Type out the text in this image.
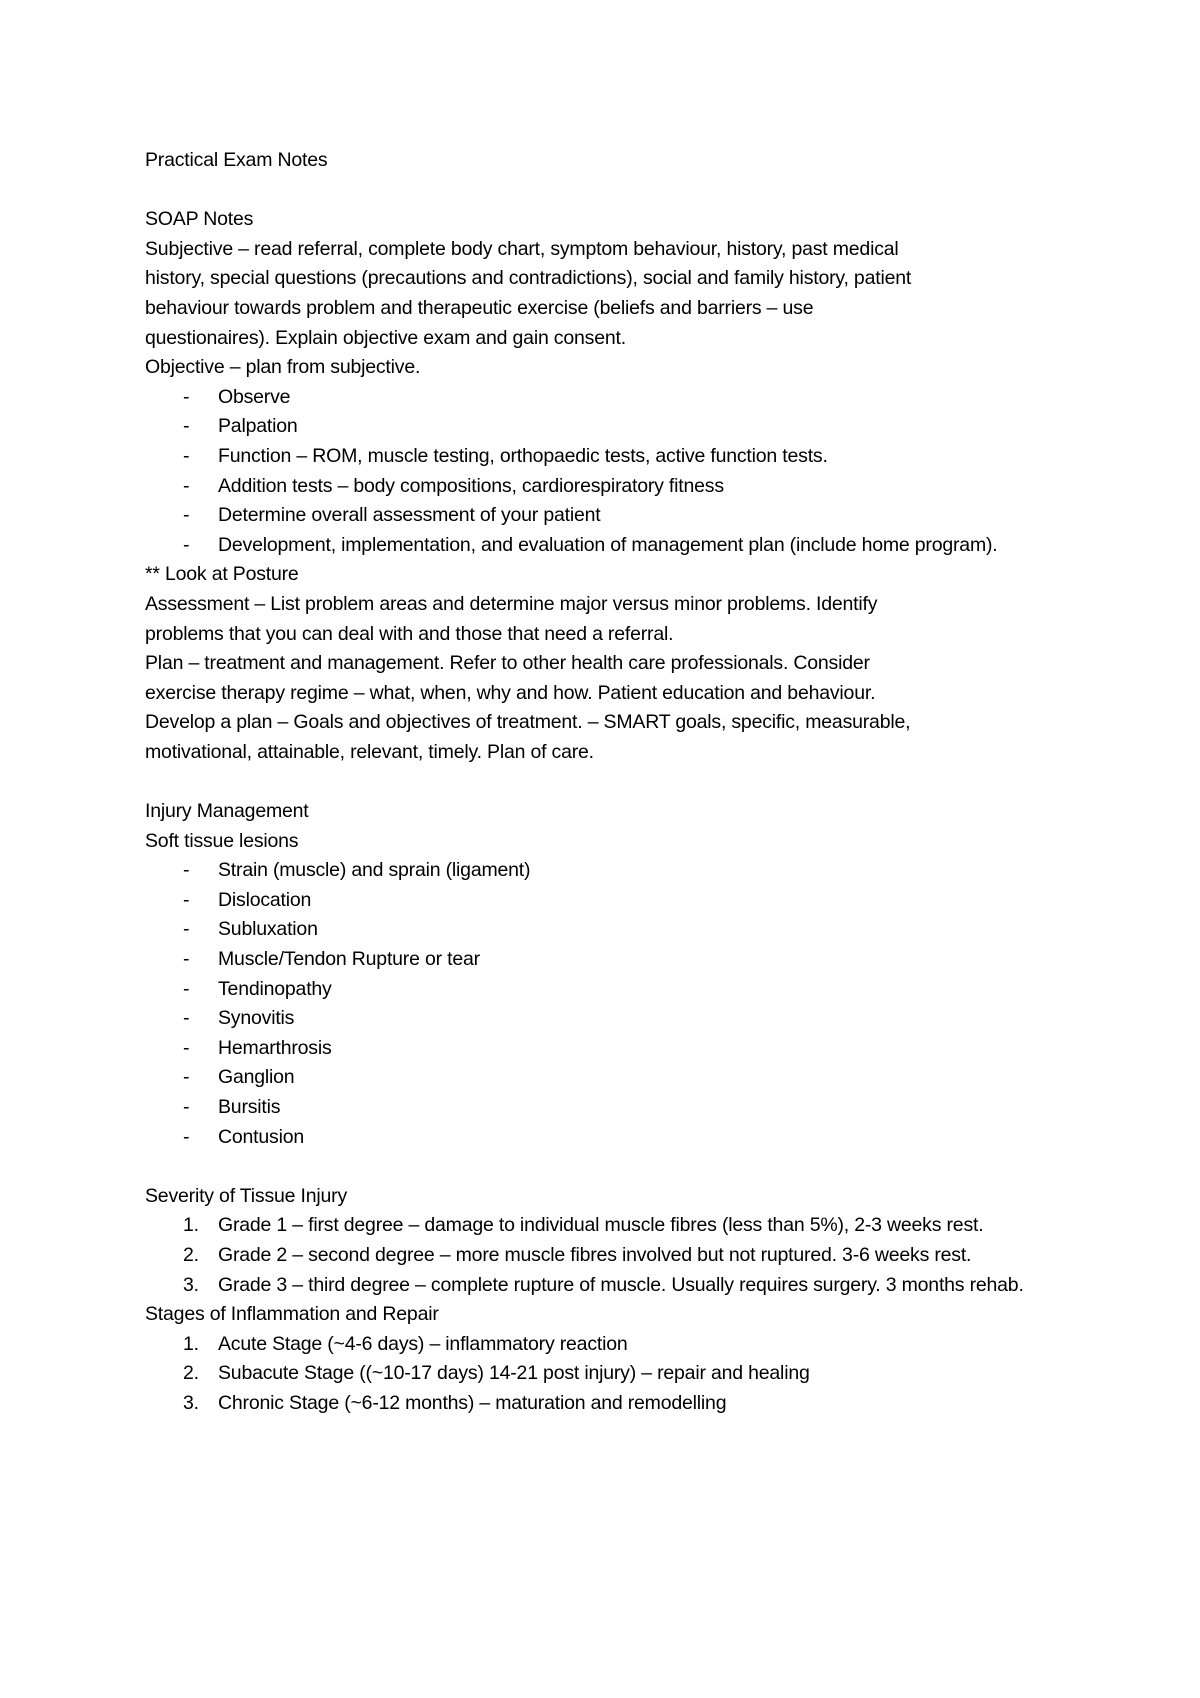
Practical Exam Notes
SOAP Notes
Subjective – read referral, complete body chart, symptom behaviour, history, past medical
history, special questions (precautions and contradictions), social and family history, patient
behaviour towards problem and therapeutic exercise (beliefs and barriers – use
questionaires). Explain objective exam and gain consent.
Objective – plan from subjective.
- Observe
- Palpation
- Function – ROM, muscle testing, orthopaedic tests, active function tests.
- Addition tests – body compositions, cardiorespiratory fitness
- Determine overall assessment of your patient
- Development, implementation, and evaluation of management plan (include home program).
** Look at Posture
Assessment – List problem areas and determine major versus minor problems. Identify
problems that you can deal with and those that need a referral.
Plan – treatment and management. Refer to other health care professionals. Consider
exercise therapy regime – what, when, why and how. Patient education and behaviour.
Develop a plan – Goals and objectives of treatment. – SMART goals, specific, measurable,
motivational, attainable, relevant, timely. Plan of care.
Injury Management
Soft tissue lesions
- Strain (muscle) and sprain (ligament)
- Dislocation
- Subluxation
- Muscle/Tendon Rupture or tear
- Tendinopathy
- Synovitis
- Hemarthrosis
- Ganglion
- Bursitis
- Contusion
Severity of Tissue Injury
1. Grade 1 – first degree – damage to individual muscle fibres (less than 5%), 2-3 weeks rest.
2. Grade 2 – second degree – more muscle fibres involved but not ruptured. 3-6 weeks rest.
3. Grade 3 – third degree – complete rupture of muscle. Usually requires surgery. 3 months rehab.
Stages of Inflammation and Repair
1. Acute Stage (~4-6 days) – inflammatory reaction
2. Subacute Stage ((~10-17 days) 14-21 post injury) – repair and healing
3. Chronic Stage (~6-12 months) – maturation and remodelling
